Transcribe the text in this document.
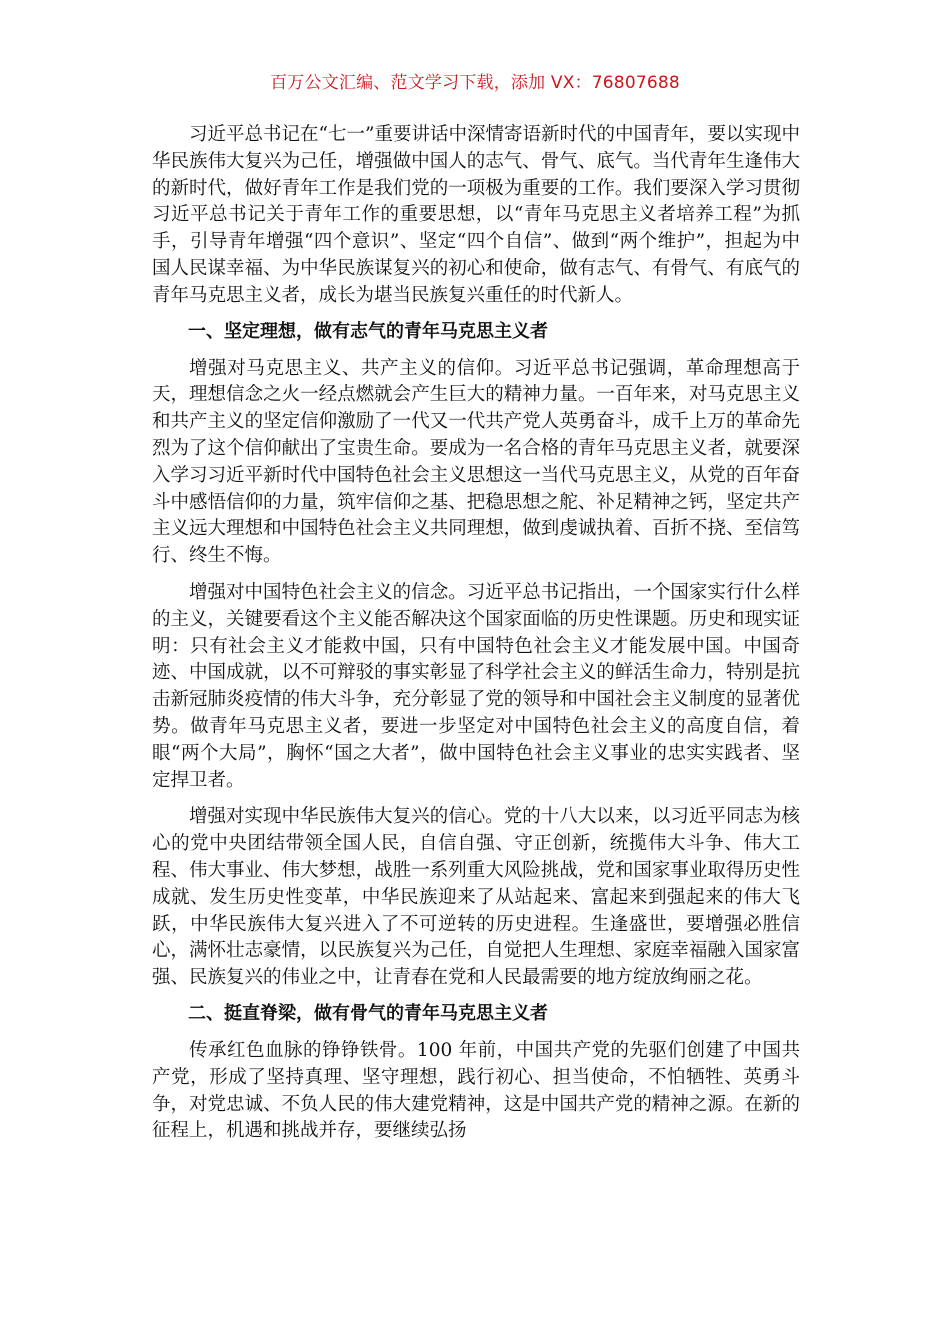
百万公文汇编、范文学习下载，添加 VX：76807688

习近平总书记在“七一”重要讲话中深情寄语新时代的中国青年，要以实现中华民族伟大复兴为己任，增强做中国人的志气、骨气、底气。当代青年生逢伟大的新时代，做好青年工作是我们党的一项极为重要的工作。我们要深入学习贯彻习近平总书记关于青年工作的重要思想，以“青年马克思主义者培养工程”为抓手，引导青年增强“四个意识”、坚定“四个自信”、做到“两个维护”，担起为中国人民谋幸福、为中华民族谋复兴的初心和使命，做有志气、有骨气、有底气的青年马克思主义者，成长为堪当民族复兴重任的时代新人。

一、坚定理想，做有志气的青年马克思主义者

增强对马克思主义、共产主义的信仰。习近平总书记强调，革命理想高于天，理想信念之火一经点燃就会产生巨大的精神力量。一百年来，对马克思主义和共产主义的坚定信仰激励了一代又一代共产党人英勇奋斗，成千上万的革命先烈为了这个信仰献出了宝贵生命。要成为一名合格的青年马克思主义者，就要深入学习习近平新时代中国特色社会主义思想这一当代马克思主义，从党的百年奋斗中感悟信仰的力量，筑牢信仰之基、把稳思想之舵、补足精神之钙，坚定共产主义远大理想和中国特色社会主义共同理想，做到虔诚执着、百折不挠、至信笃行、终生不悔。

增强对中国特色社会主义的信念。习近平总书记指出，一个国家实行什么样的主义，关键要看这个主义能否解决这个国家面临的历史性课题。历史和现实证明：只有社会主义才能救中国，只有中国特色社会主义才能发展中国。中国奇迹、中国成就，以不可辩驳的事实彰显了科学社会主义的鲜活生命力，特别是抗击新冠肺炎疫情的伟大斗争，充分彰显了党的领导和中国社会主义制度的显著优势。做青年马克思主义者，要进一步坚定对中国特色社会主义的高度自信，着眼“两个大局”，胸怀“国之大者”，做中国特色社会主义事业的忠实实践者、坚定捍卫者。

增强对实现中华民族伟大复兴的信心。党的十八大以来，以习近平同志为核心的党中央团结带领全国人民，自信自强、守正创新，统揽伟大斗争、伟大工程、伟大事业、伟大梦想，战胜一系列重大风险挑战，党和国家事业取得历史性成就、发生历史性变革，中华民族迎来了从站起来、富起来到强起来的伟大飞跃，中华民族伟大复兴进入了不可逆转的历史进程。生逢盛世，要增强必胜信心，满怀壮志豪情，以民族复兴为己任，自觉把人生理想、家庭幸福融入国家富强、民族复兴的伟业之中，让青春在党和人民最需要的地方绽放绚丽之花。

二、挺直脊梁，做有骨气的青年马克思主义者

传承红色血脉的铮铮铁骨。100 年前，中国共产党的先驱们创建了中国共产党，形成了坚持真理、坚守理想，践行初心、担当使命，不怕牺牲、英勇斗争，对党忠诚、不负人民的伟大建党精神，这是中国共产党的精神之源。在新的征程上，机遇和挑战并存，要继续弘扬
